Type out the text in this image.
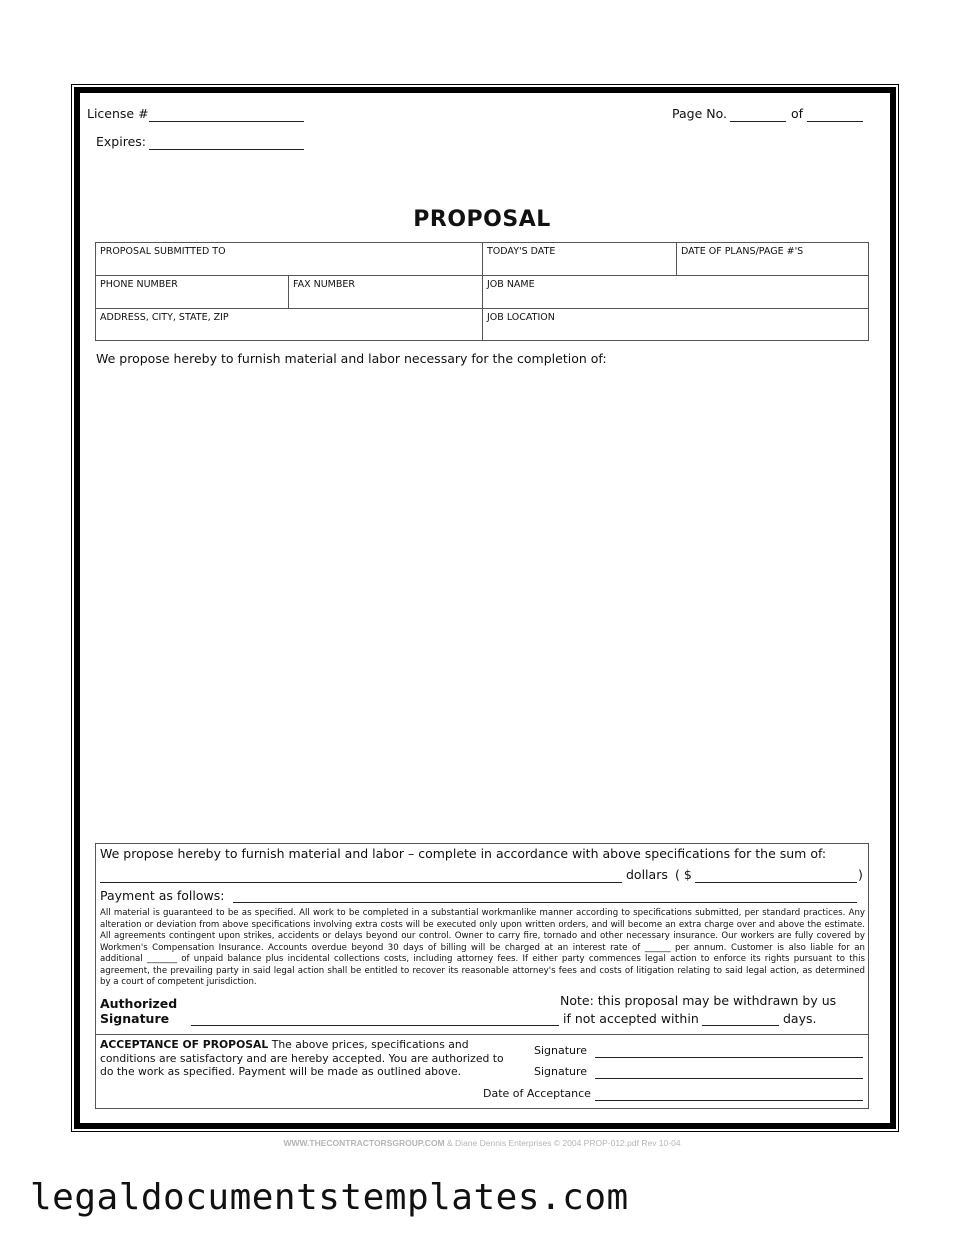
License #
Expires:
Page No.	of
PROPOSAL
PROPOSAL SUBMITTED TO	TODAY'S DATE	DATE OF PLANS/PAGE #'S
PHONE NUMBER	FAX NUMBER	JOB NAME
ADDRESS, CITY, STATE, ZIP	JOB LOCATION
We propose hereby to furnish material and labor necessary for the completion of:
We propose hereby to furnish material and labor – complete in accordance with above specifications for the sum of:
dollars ( $	)
Payment as follows:
All material is guaranteed to be as specified. All work to be completed in a substantial workmanlike manner according to specifications submitted, per standard practices. Any alteration or deviation from above specifications involving extra costs will be executed only upon written orders, and will become an extra charge over and above the estimate. All agreements contingent upon strikes, accidents or delays beyond our control. Owner to carry fire, tornado and other necessary insurance. Our workers are fully covered by Workmen's Compensation Insurance. Accounts overdue beyond 30 days of billing will be charged at an interest rate of ______ per annum. Customer is also liable for an additional _______ of unpaid balance plus incidental collections costs, including attorney fees. If either party commences legal action to enforce its rights pursuant to this agreement, the prevailing party in said legal action shall be entitled to recover its reasonable attorney's fees and costs of litigation relating to said legal action, as determined by a court of competent jurisdiction.
Authorized
Signature
Note: this proposal may be withdrawn by us
if not accepted within	days.
ACCEPTANCE OF PROPOSAL The above prices, specifications and conditions are satisfactory and are hereby accepted. You are authorized to do the work as specified. Payment will be made as outlined above.
Signature
Signature
Date of Acceptance
WWW.THECONTRACTORSGROUP.COM & Diane Dennis Enterprises © 2004 PROP-012.pdf Rev 10-04
legaldocumentstemplates.com
